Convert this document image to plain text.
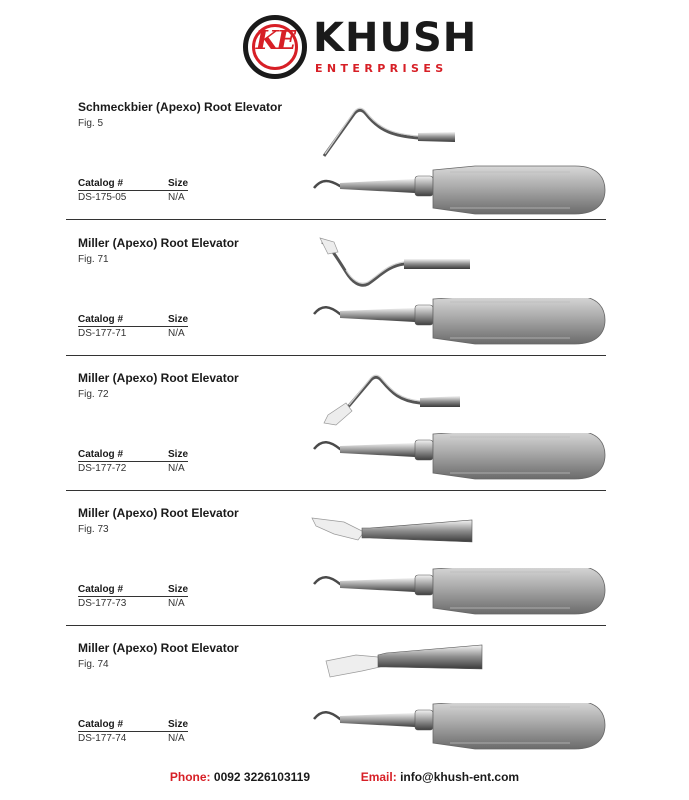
KE KHUSH
ENTERPRISES
Schmeckbier (Apexo) Root Elevator
Fig. 5
Catalog #	Size
DS-175-05	N/A
Miller (Apexo) Root Elevator
Fig. 71
Catalog #	Size
DS-177-71	N/A
Miller (Apexo) Root Elevator
Fig. 72
Catalog #	Size
DS-177-72	N/A
Miller (Apexo) Root Elevator
Fig. 73
Catalog #	Size
DS-177-73	N/A
Miller (Apexo) Root Elevator
Fig. 74
Catalog #	Size
DS-177-74	N/A
Phone: 0092 3226103119	Email: info@khush-ent.com
